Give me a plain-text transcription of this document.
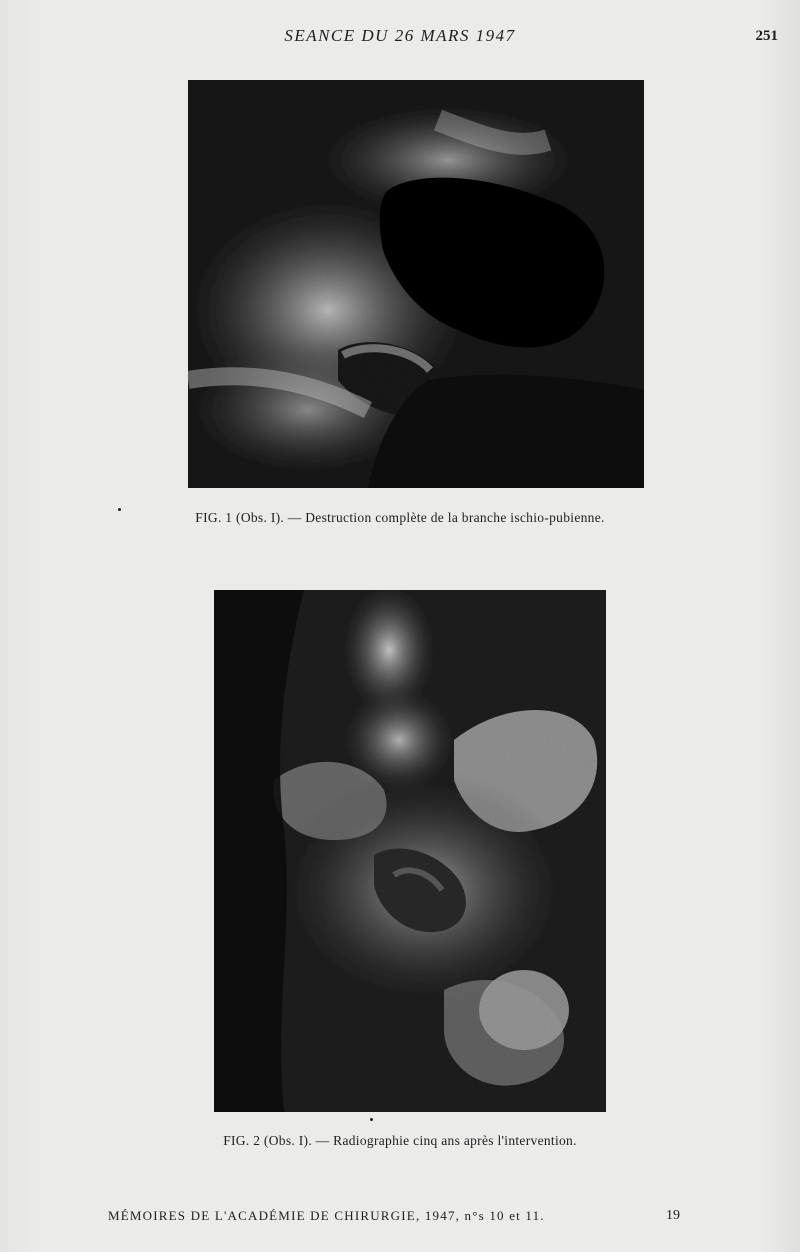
SEANCE DU 26 MARS 1947	251
FIG. 1 (Obs. I). — Destruction complète de la branche ischio-pubienne.
FIG. 2 (Obs. I). — Radiographie cinq ans après l'intervention.
MÉMOIRES DE L'ACADÉMIE DE CHIRURGIE, 1947, n°s 10 et 11.	19
